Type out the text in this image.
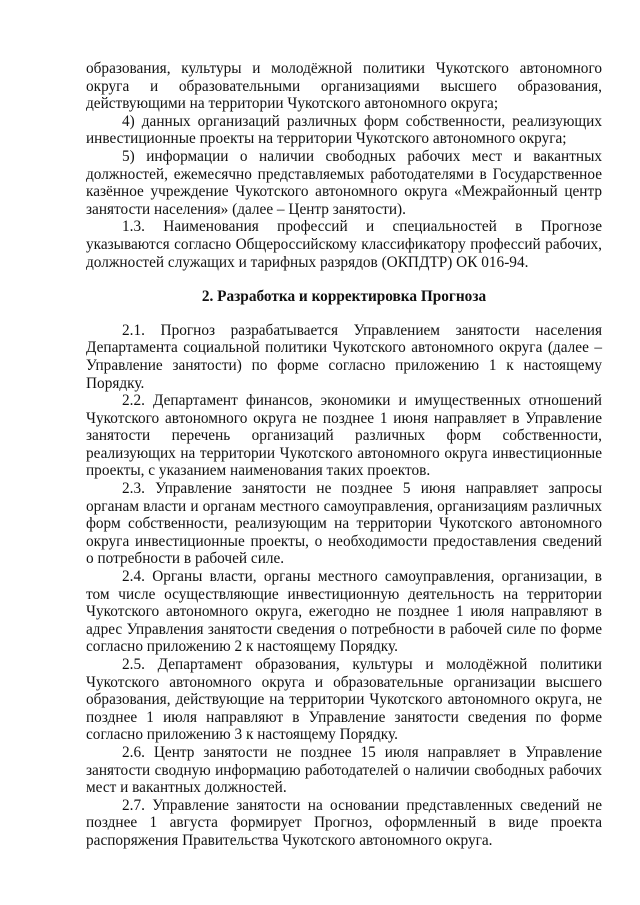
образования, культуры и молодёжной политики Чукотского автономного округа и образовательными организациями высшего образования, действующими на территории Чукотского автономного округа;

4) данных организаций различных форм собственности, реализующих инвестиционные проекты на территории Чукотского автономного округа;

5) информации о наличии свободных рабочих мест и вакантных должностей, ежемесячно представляемых работодателями в Государственное казённое учреждение Чукотского автономного округа «Межрайонный центр занятости населения» (далее – Центр занятости).

1.3. Наименования профессий и специальностей в Прогнозе указываются согласно Общероссийскому классификатору профессий рабочих, должностей служащих и тарифных разрядов (ОКПДТР) ОК 016-94.

2. Разработка и корректировка Прогноза

2.1. Прогноз разрабатывается Управлением занятости населения Департамента социальной политики Чукотского автономного округа (далее – Управление занятости) по форме согласно приложению 1 к настоящему Порядку.

2.2. Департамент финансов, экономики и имущественных отношений Чукотского автономного округа не позднее 1 июня направляет в Управление занятости перечень организаций различных форм собственности, реализующих на территории Чукотского автономного округа инвестиционные проекты, с указанием наименования таких проектов.

2.3. Управление занятости не позднее 5 июня направляет запросы органам власти и органам местного самоуправления, организациям различных форм собственности, реализующим на территории Чукотского автономного округа инвестиционные проекты, о необходимости предоставления сведений о потребности в рабочей силе.

2.4. Органы власти, органы местного самоуправления, организации, в том числе осуществляющие инвестиционную деятельность на территории Чукотского автономного округа, ежегодно не позднее 1 июля направляют в адрес Управления занятости сведения о потребности в рабочей силе по форме согласно приложению 2 к настоящему Порядку.

2.5. Департамент образования, культуры и молодёжной политики Чукотского автономного округа и образовательные организации высшего образования, действующие на территории Чукотского автономного округа, не позднее 1 июля направляют в Управление занятости сведения по форме согласно приложению 3 к настоящему Порядку.

2.6. Центр занятости не позднее 15 июля направляет в Управление занятости сводную информацию работодателей о наличии свободных рабочих мест и вакантных должностей.

2.7. Управление занятости на основании представленных сведений не позднее 1 августа формирует Прогноз, оформленный в виде проекта распоряжения Правительства Чукотского автономного округа.
